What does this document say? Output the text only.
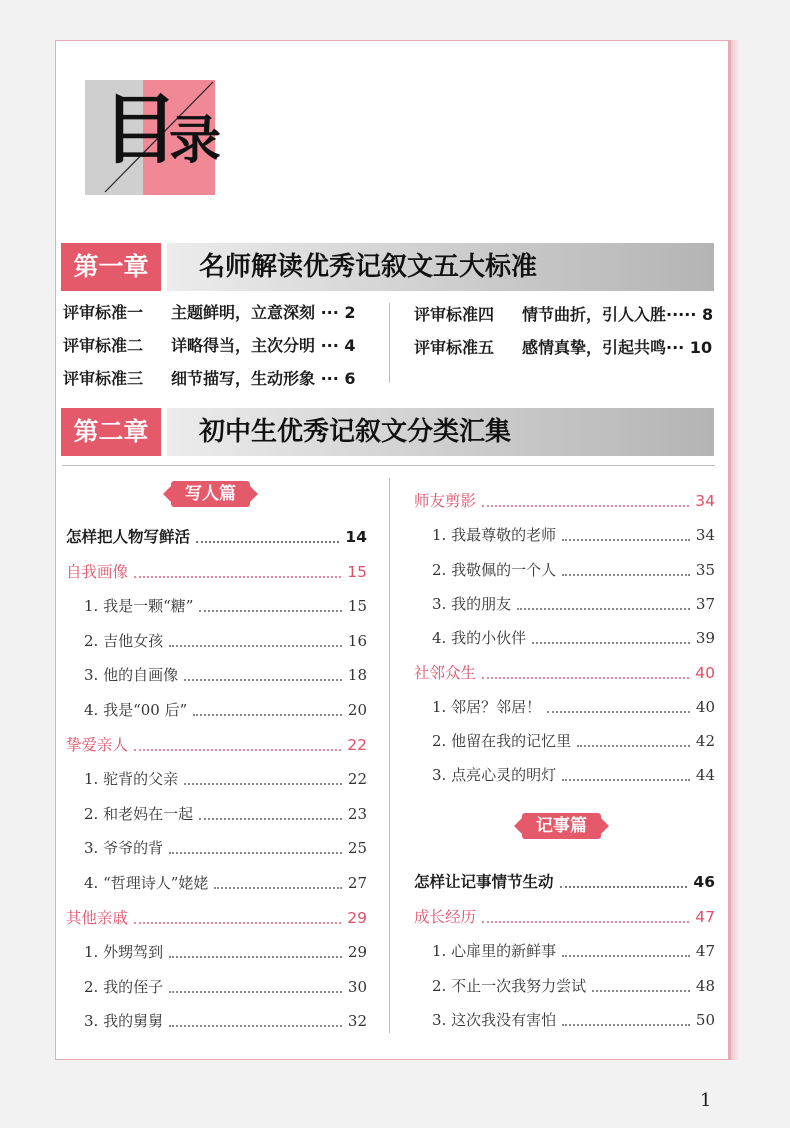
目
录
第一章	名师解读优秀记叙文五大标准
评审标准一 主题鲜明，立意深刻 ··· 2
评审标准二 详略得当，主次分明 ··· 4
评审标准三 细节描写，生动形象 ··· 6
评审标准四 情节曲折，引人入胜····· 8
评审标准五 感情真挚，引起共鸣··· 10
第二章	初中生优秀记叙文分类汇集
写人篇
记事篇
怎样把人物写鲜活	14
自我画像	15
1. 我是一颗“糖”	15
2. 吉他女孩	16
3. 他的自画像	18
4. 我是“00 后”	20
挚爱亲人	22
1. 驼背的父亲	22
2. 和老妈在一起	23
3. 爷爷的背	25
4. “哲理诗人”姥姥	27
其他亲戚	29
1. 外甥驾到	29
2. 我的侄子	30
3. 我的舅舅	32
师友剪影	34
1. 我最尊敬的老师	34
2. 我敬佩的一个人	35
3. 我的朋友	37
4. 我的小伙伴	39
社邻众生	40
1. 邻居？邻居！	40
2. 他留在我的记忆里	42
3. 点亮心灵的明灯	44
怎样让记事情节生动	46
成长经历	47
1. 心扉里的新鲜事	47
2. 不止一次我努力尝试	48
3. 这次我没有害怕	50
1
